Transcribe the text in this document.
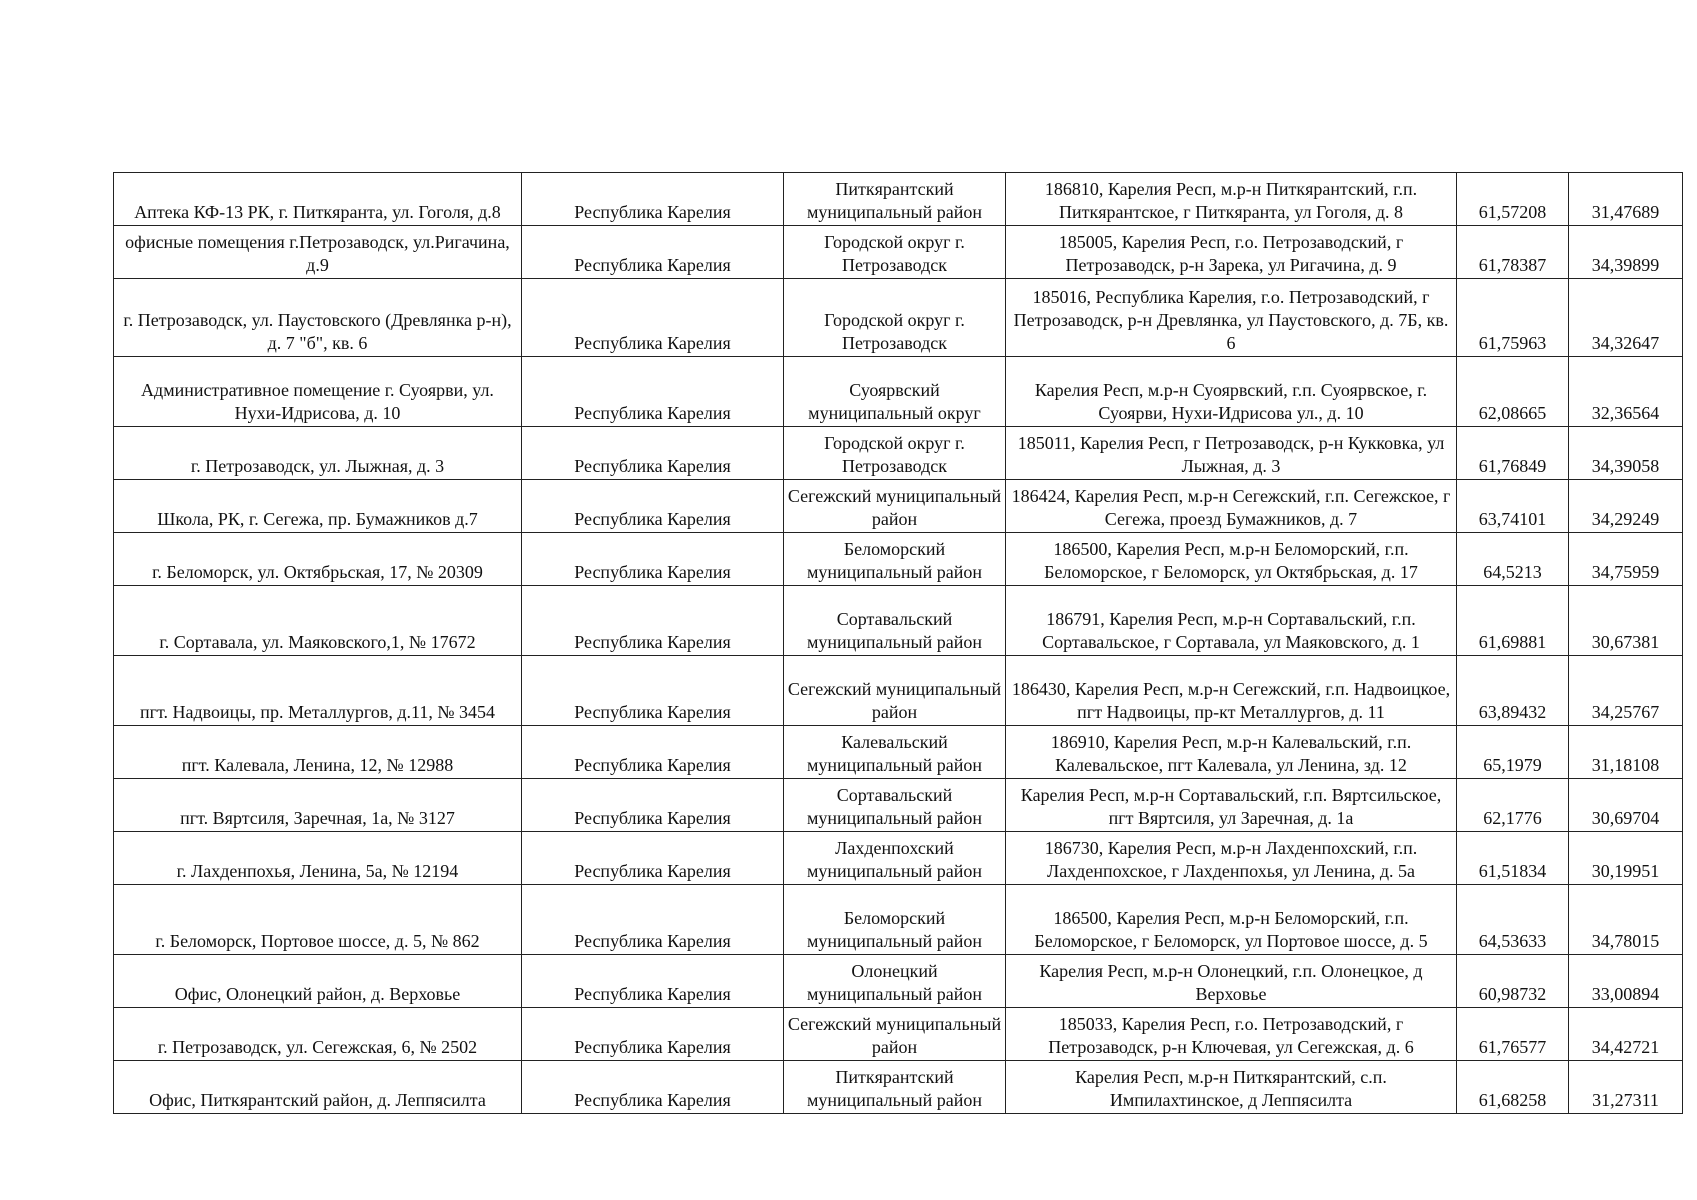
Аптека КФ-13 РК, г. Питкяранта, ул. Гоголя, д.8	Республика Карелия	Питкярантский муниципальный район	186810, Карелия Респ, м.р-н Питкярантский, г.п. Питкярантское, г Питкяранта, ул Гоголя, д. 8	61,57208	31,47689
офисные помещения г.Петрозаводск, ул.Ригачина, д.9	Республика Карелия	Городской округ г. Петрозаводск	185005, Карелия Респ, г.о. Петрозаводский, г Петрозаводск, р-н Зарека, ул Ригачина, д. 9	61,78387	34,39899
г. Петрозаводск, ул. Паустовского (Древлянка р-н), д. 7 "б", кв. 6	Республика Карелия	Городской округ г. Петрозаводск	185016, Республика Карелия, г.о. Петрозаводский, г Петрозаводск, р-н Древлянка, ул Паустовского, д. 7Б, кв. 6	61,75963	34,32647
Административное помещение г. Суоярви, ул. Нухи-Идрисова, д. 10	Республика Карелия	Суоярвский муниципальный округ	Карелия Респ, м.р-н Суоярвский, г.п. Суоярвское, г. Суоярви, Нухи-Идрисова ул., д. 10	62,08665	32,36564
г. Петрозаводск, ул. Лыжная, д. 3	Республика Карелия	Городской округ г. Петрозаводск	185011, Карелия Респ, г Петрозаводск, р-н Кукковка, ул Лыжная, д. 3	61,76849	34,39058
Школа, РК, г. Сегежа, пр. Бумажников д.7	Республика Карелия	Сегежский муниципальный район	186424, Карелия Респ, м.р-н Сегежский, г.п. Сегежское, г Сегежа, проезд Бумажников, д. 7	63,74101	34,29249
г. Беломорск, ул. Октябрьская, 17, № 20309	Республика Карелия	Беломорский муниципальный район	186500, Карелия Респ, м.р-н Беломорский, г.п. Беломорское, г Беломорск, ул Октябрьская, д. 17	64,5213	34,75959
г. Сортавала, ул. Маяковского,1, № 17672	Республика Карелия	Сортавальский муниципальный район	186791, Карелия Респ, м.р-н Сортавальский, г.п. Сортавальское, г Сортавала, ул Маяковского, д. 1	61,69881	30,67381
пгт. Надвоицы, пр. Металлургов, д.11, № 3454	Республика Карелия	Сегежский муниципальный район	186430, Карелия Респ, м.р-н Сегежский, г.п. Надвоицкое, пгт Надвоицы, пр-кт Металлургов, д. 11	63,89432	34,25767
пгт. Калевала, Ленина, 12, № 12988	Республика Карелия	Калевальский муниципальный район	186910, Карелия Респ, м.р-н Калевальский, г.п. Калевальское, пгт Калевала, ул Ленина, зд. 12	65,1979	31,18108
пгт. Вяртсиля, Заречная, 1а, № 3127	Республика Карелия	Сортавальский муниципальный район	Карелия Респ, м.р-н Сортавальский, г.п. Вяртсильское, пгт Вяртсиля, ул Заречная, д. 1а	62,1776	30,69704
г. Лахденпохья, Ленина, 5а, № 12194	Республика Карелия	Лахденпохский муниципальный район	186730, Карелия Респ, м.р-н Лахденпохский, г.п. Лахденпохское, г Лахденпохья, ул Ленина, д. 5а	61,51834	30,19951
г. Беломорск, Портовое шоссе, д. 5, № 862	Республика Карелия	Беломорский муниципальный район	186500, Карелия Респ, м.р-н Беломорский, г.п. Беломорское, г Беломорск, ул Портовое шоссе, д. 5	64,53633	34,78015
Офис, Олонецкий район, д. Верховье	Республика Карелия	Олонецкий муниципальный район	Карелия Респ, м.р-н Олонецкий, г.п. Олонецкое, д Верховье	60,98732	33,00894
г. Петрозаводск, ул. Сегежская, 6, № 2502	Республика Карелия	Сегежский муниципальный район	185033, Карелия Респ, г.о. Петрозаводский, г Петрозаводск, р-н Ключевая, ул Сегежская, д. 6	61,76577	34,42721
Офис, Питкярантский район, д. Леппясилта	Республика Карелия	Питкярантский муниципальный район	Карелия Респ, м.р-н Питкярантский, с.п. Импилахтинское, д Леппясилта	61,68258	31,27311
